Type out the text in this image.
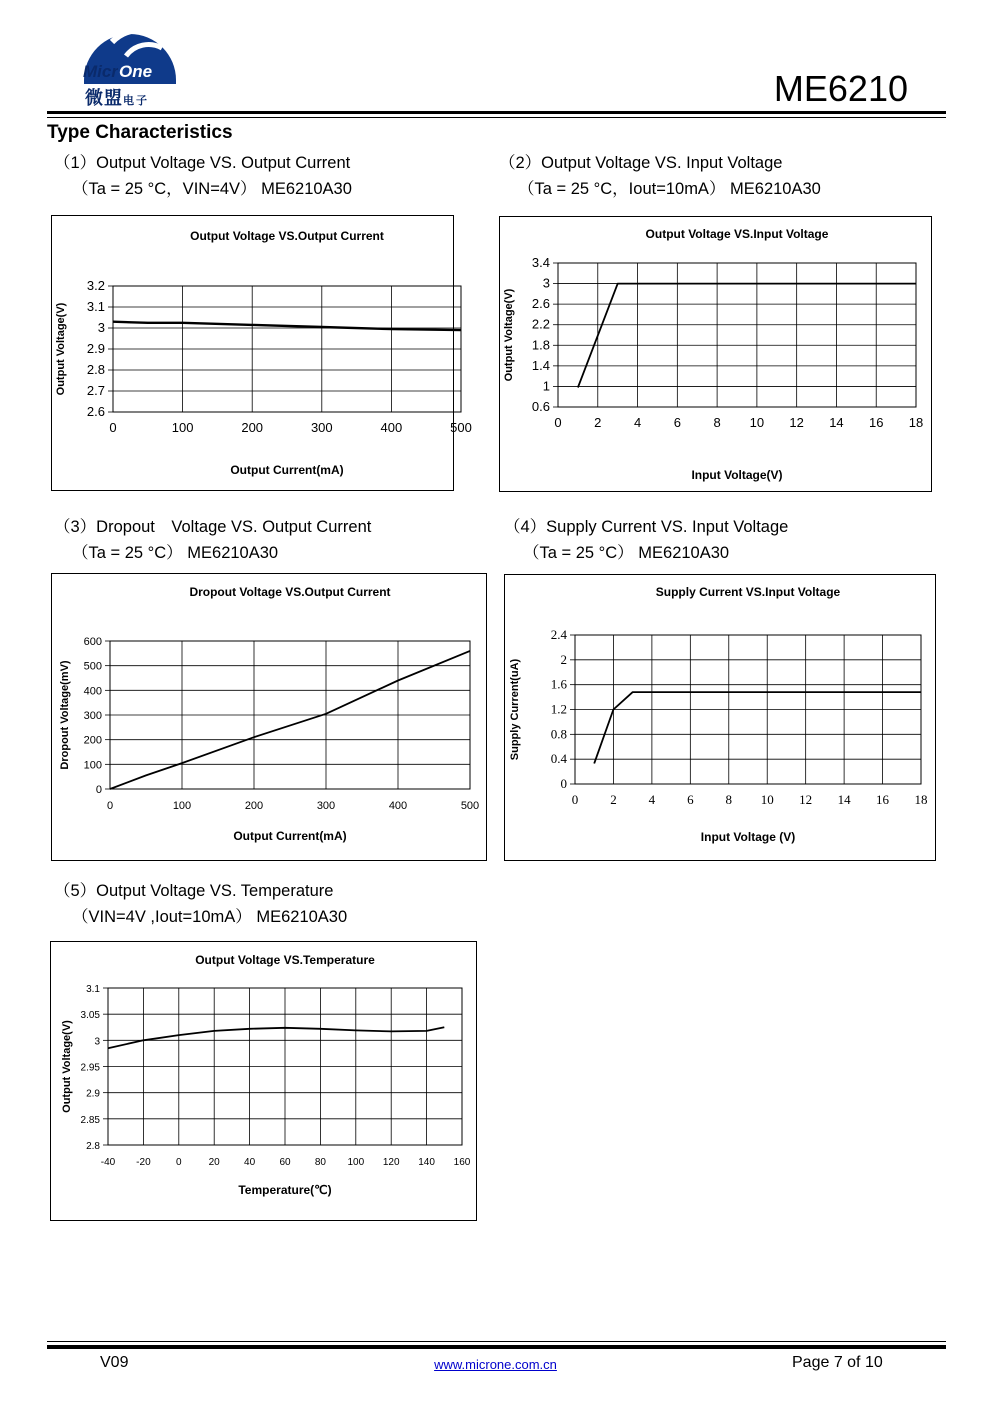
MicrOne
微盟电子	ME6210
Type Characteristics
（1）Output Voltage VS. Output Current
（Ta = 25 °C，VIN=4V） ME6210A30
（2）Output Voltage VS. Input Voltage
（Ta = 25 °C，Iout=10mA） ME6210A30
（3）Dropout　Voltage VS. Output Current
（Ta = 25 °C） ME6210A30
（4）Supply Current VS. Input Voltage
（Ta = 25 °C） ME6210A30
（5）Output Voltage VS. Temperature
（VIN=4V ,Iout=10mA） ME6210A30
Output Voltage VS.Output Current
0	100	200	300	400	500
2.6
2.7
2.8
2.9
3
3.1
3.2
Output Current(mA)
Output Voltage(V)
Output Voltage VS.Input Voltage
0	2	4	6	8 10 12 14 16 18
0.6
1
1.4
1.8
2.2
2.6
3
3.4
Input Voltage(V)
Output Voltage(V)
Dropout Voltage VS.Output Current
0	100	200	300	400	500
0
100
200
300
400
500
600
Output Current(mA)
Dropout Voltage(mV)
Supply Current VS.Input Voltage
0 2 4 6 8 10 12 14 16 18
0
0.4
0.8
1.2
1.6
2
2.4
Input Voltage (V)
Supply Current(uA)
Output Voltage VS.Temperature
-40 -20	0	20 40 60 80 100 120 140 160
2.8
2.85
2.9
2.95
3
3.05
3.1
Temperature(℃)
Output Voltage(V)
V09	www.microne.com.cn	Page 7 of 10
